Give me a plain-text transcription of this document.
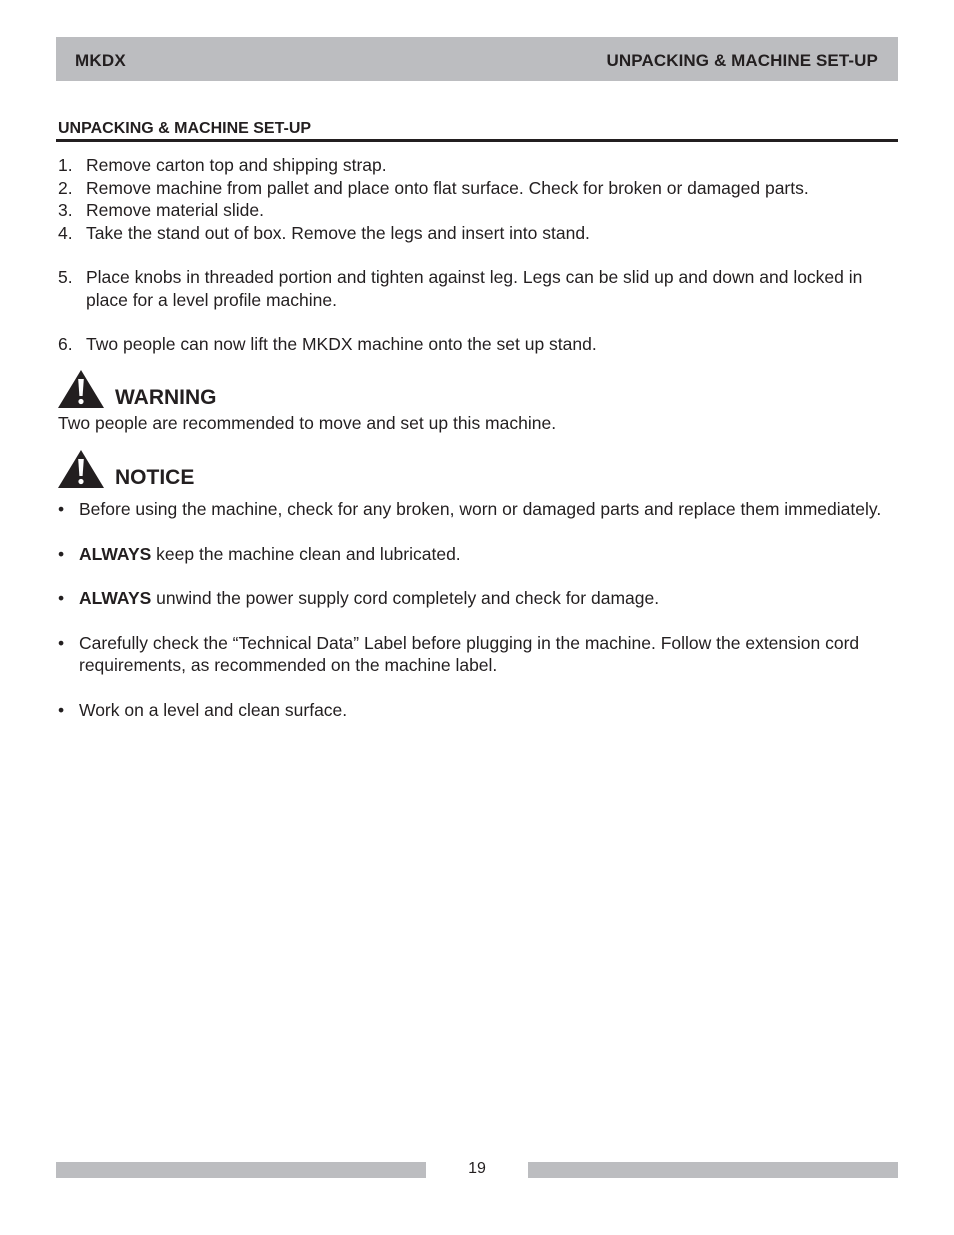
MKDX	UNPACKING & MACHINE SET-UP
UNPACKING & MACHINE SET-UP
1. Remove carton top and shipping strap.
2. Remove machine from pallet and place onto flat surface. Check for broken or damaged parts.
3. Remove material slide.
4. Take the stand out of box. Remove the legs and insert into stand.
5. Place knobs in threaded portion and tighten against leg. Legs can be slid up and down and locked in place for a level profile machine.
6. Two people can now lift the MKDX machine onto the set up stand.
WARNING
Two people are recommended to move and set up this machine.
NOTICE
• Before using the machine, check for any broken, worn or damaged parts and replace them immediately.
• ALWAYS keep the machine clean and lubricated.
• ALWAYS unwind the power supply cord completely and check for damage.
• Carefully check the “Technical Data” Label before plugging in the machine. Follow the extension cord requirements, as recommended on the machine label.
• Work on a level and clean surface.
19
